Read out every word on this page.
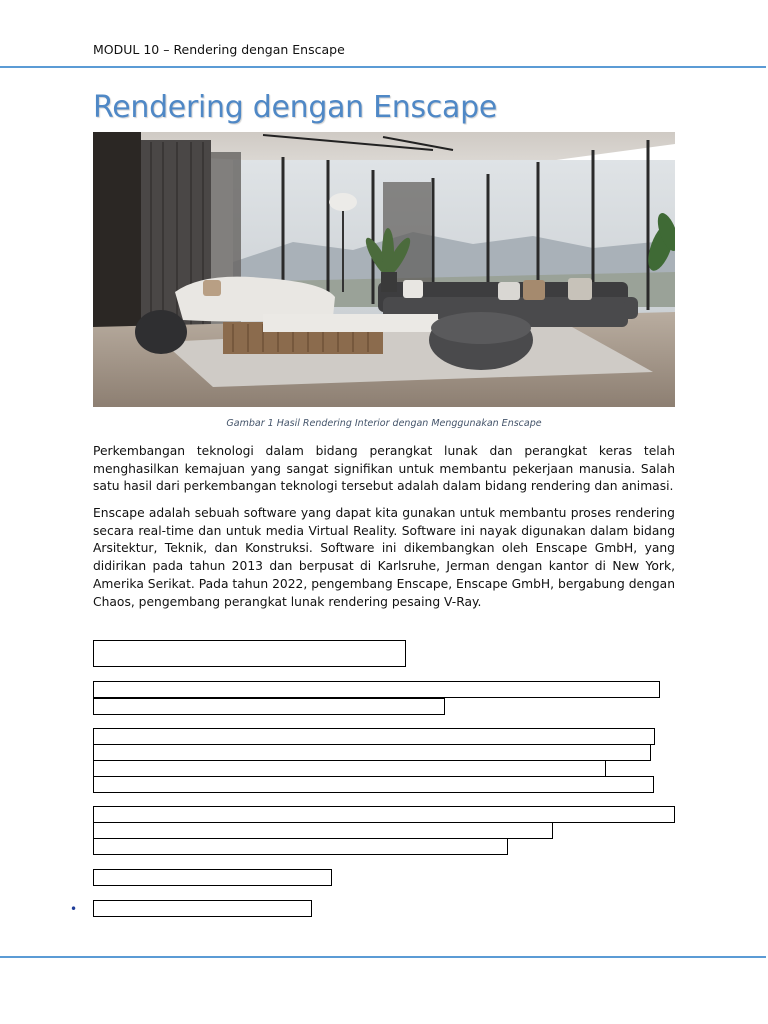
MODUL 10 – Rendering dengan Enscape
Rendering dengan Enscape
Gambar 1 Hasil Rendering Interior dengan Menggunakan Enscape
Perkembangan teknologi dalam bidang perangkat lunak dan perangkat keras telah menghasilkan kemajuan yang sangat signifikan untuk membantu pekerjaan manusia. Salah satu hasil dari perkembangan teknologi tersebut adalah dalam bidang rendering dan animasi.
Enscape adalah sebuah software yang dapat kita gunakan untuk membantu proses rendering secara real-time dan untuk media Virtual Reality. Software ini nayak digunakan dalam bidang Arsitektur, Teknik, dan Konstruksi. Software ini dikembangkan oleh Enscape GmbH, yang didirikan pada tahun 2013 dan berpusat di Karlsruhe, Jerman dengan kantor di New York, Amerika Serikat. Pada tahun 2022, pengembang Enscape, Enscape GmbH, bergabung dengan Chaos, pengembang perangkat lunak rendering pesaing V-Ray.
•
